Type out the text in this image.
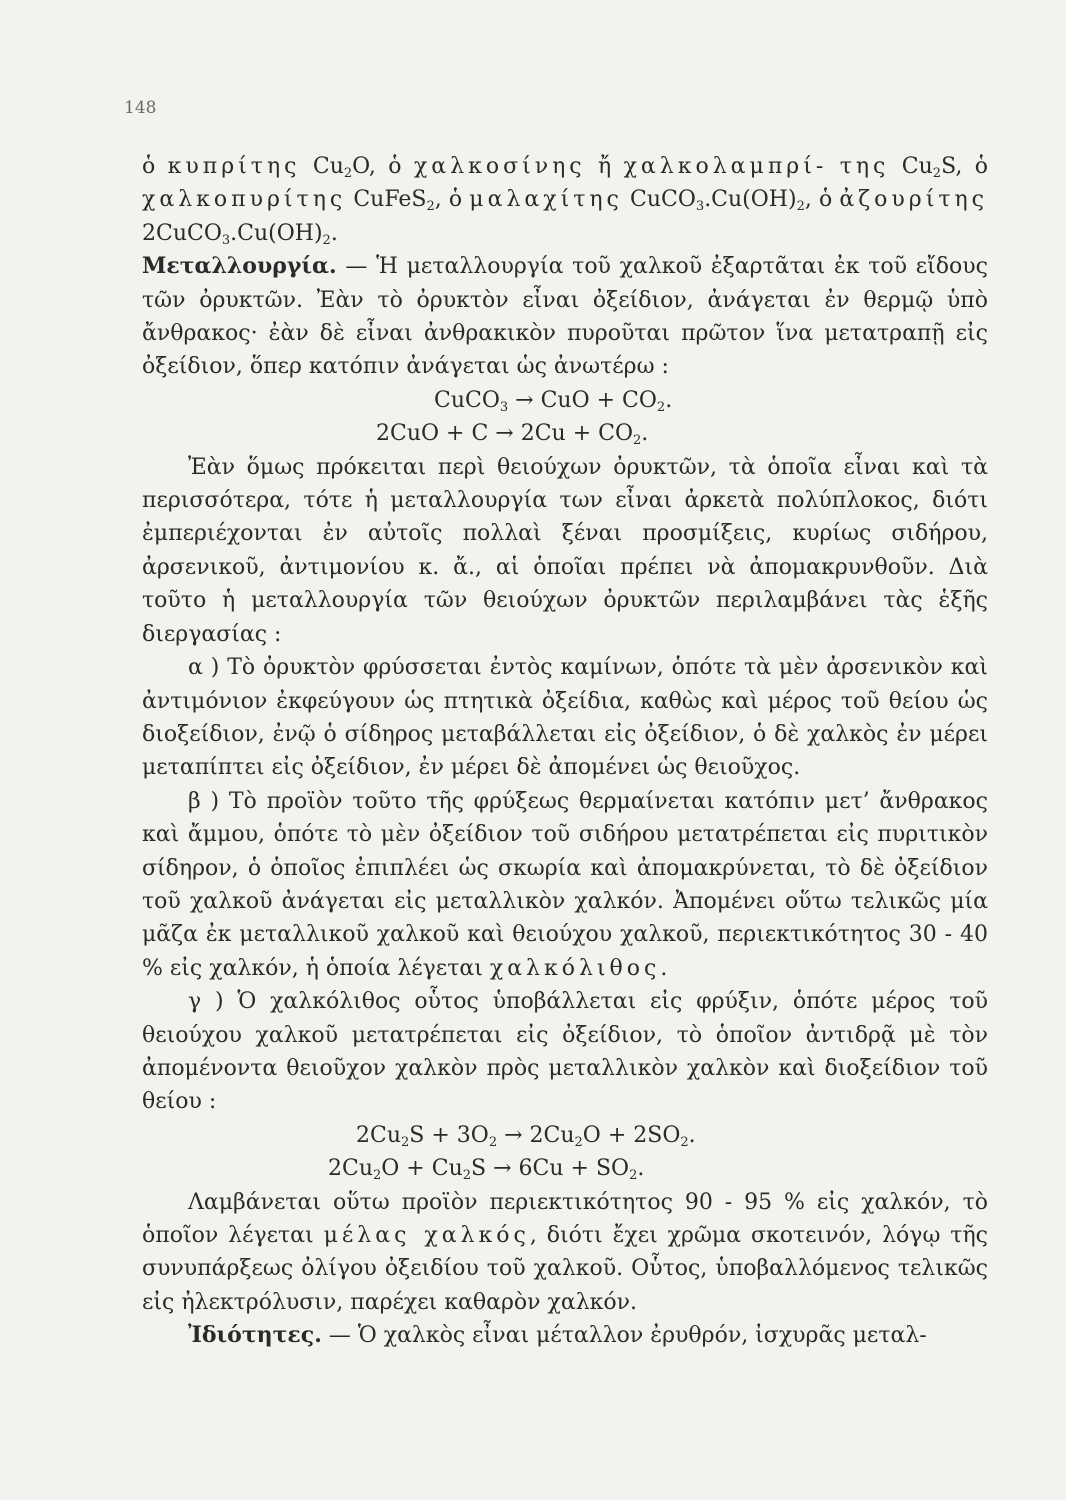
148

ὁ κυπρίτης $Cu_2O$, ὁ χαλκοσίνης ἤ χαλκολαμπρί- της $Cu_2S$, ὁ χαλκοπυρίτης CuFeS$_2$, ὁ μαλαχίτης $CuCO_3.Cu(OH)_2$, ὁ ἀζουρίτης $2CuCO_3.Cu(OH)_2$.

Μεταλλουργία. — Ἡ μεταλλουργία τοῦ χαλκοῦ ἐξαρτᾶται ἐκ τοῦ εἴδους τῶν ὀρυκτῶν. Ἐὰν τὸ ὀρυκτὸν εἶναι ὀξείδιον, ἀνάγεται ἐν θερμῷ ὑπὸ ἄνθρακος· ἐὰν δὲ εἶναι ἀνθρακικὸν πυροῦται πρῶτον ἵνα μετατραπῇ εἰς ὀξείδιον, ὅπερ κατόπιν ἀνάγεται ὡς ἀνωτέρω :

CuCO$_3$ → CuO + $CO_2$.

$2CuO + C \to 2Cu + CO_2$.

Ἐὰν ὅμως πρόκειται περὶ θειούχων ὀρυκτῶν, τὰ ὁποῖα εἶναι καὶ τὰ περισσότερα, τότε ἡ μεταλλουργία των εἶναι ἀρκετὰ πολύπλοκος, διότι ἐμπεριέχονται ἐν αὐτοῖς πολλαὶ ξέναι προσμίξεις, κυρίως σιδήρου, ἀρσενικοῦ, ἀντιμονίου κ. ἄ., αἱ ὁποῖαι πρέπει νὰ ἀπομακρυνθοῦν. Διὰ τοῦτο ἡ μεταλλουργία τῶν θειούχων ὀρυκτῶν περιλαμβάνει τὰς ἑξῆς διεργασίας :

α ) Τὸ ὀρυκτὸν φρύσσεται ἐντὸς καμίνων, ὁπότε τὰ μὲν ἀρσενικὸν καὶ ἀντιμόνιον ἐκφεύγουν ὡς πτητικὰ ὀξείδια, καθὼς καὶ μέρος τοῦ θείου ὡς διοξείδιον, ἐνῷ ὁ σίδηρος μεταβάλλεται εἰς ὀξείδιον, ὁ δὲ χαλκὸς ἐν μέρει μεταπίπτει εἰς ὀξείδιον, ἐν μέρει δὲ ἀπομένει ὡς θειοῦχος.

β ) Τὸ προϊὸν τοῦτο τῆς φρύξεως θερμαίνεται κατόπιν μετ’ ἄνθρακος καὶ ἄμμου, ὁπότε τὸ μὲν ὀξείδιον τοῦ σιδήρου μετατρέπεται εἰς πυριτικὸν σίδηρον, ὁ ὁποῖος ἐπιπλέει ὡς σκωρία καὶ ἀπομακρύνεται, τὸ δὲ ὀξείδιον τοῦ χαλκοῦ ἀνάγεται εἰς μεταλλικὸν χαλκόν. Ἀπομένει οὕτω τελικῶς μία μᾶζα ἐκ μεταλλικοῦ χαλκοῦ καὶ θειούχου χαλκοῦ, περιεκτικότητος 30 - 40 % εἰς χαλκόν, ἡ ὁποία λέγεται χαλκόλιθος.

γ ) Ὁ χαλκόλιθος οὗτος ὑποβάλλεται εἰς φρύξιν, ὁπότε μέρος τοῦ θειούχου χαλκοῦ μετατρέπεται εἰς ὀξείδιον, τὸ ὁποῖον ἀντιδρᾷ μὲ τὸν ἀπομένοντα θειοῦχον χαλκὸν πρὸς μεταλλικὸν χαλκὸν καὶ διοξείδιον τοῦ θείου :

$2Cu_2S + 3O_2 \to 2Cu_2O + 2SO_2$.

$2Cu_2O + Cu_2S \to 6Cu + SO_2$.

Λαμβάνεται οὕτω προϊὸν περιεκτικότητος 90 - 95 % εἰς χαλκόν, τὸ ὁποῖον λέγεται μέλας χαλκός, διότι ἔχει χρῶμα σκοτεινόν, λόγῳ τῆς συνυπάρξεως ὀλίγου ὀξειδίου τοῦ χαλκοῦ. Οὗτος, ὑποβαλλόμενος τελικῶς εἰς ἠλεκτρόλυσιν, παρέχει καθαρὸν χαλκόν.

Ἰδιότητες. — Ὁ χαλκὸς εἶναι μέταλλον ἐρυθρόν, ἰσχυρᾶς μεταλ-
